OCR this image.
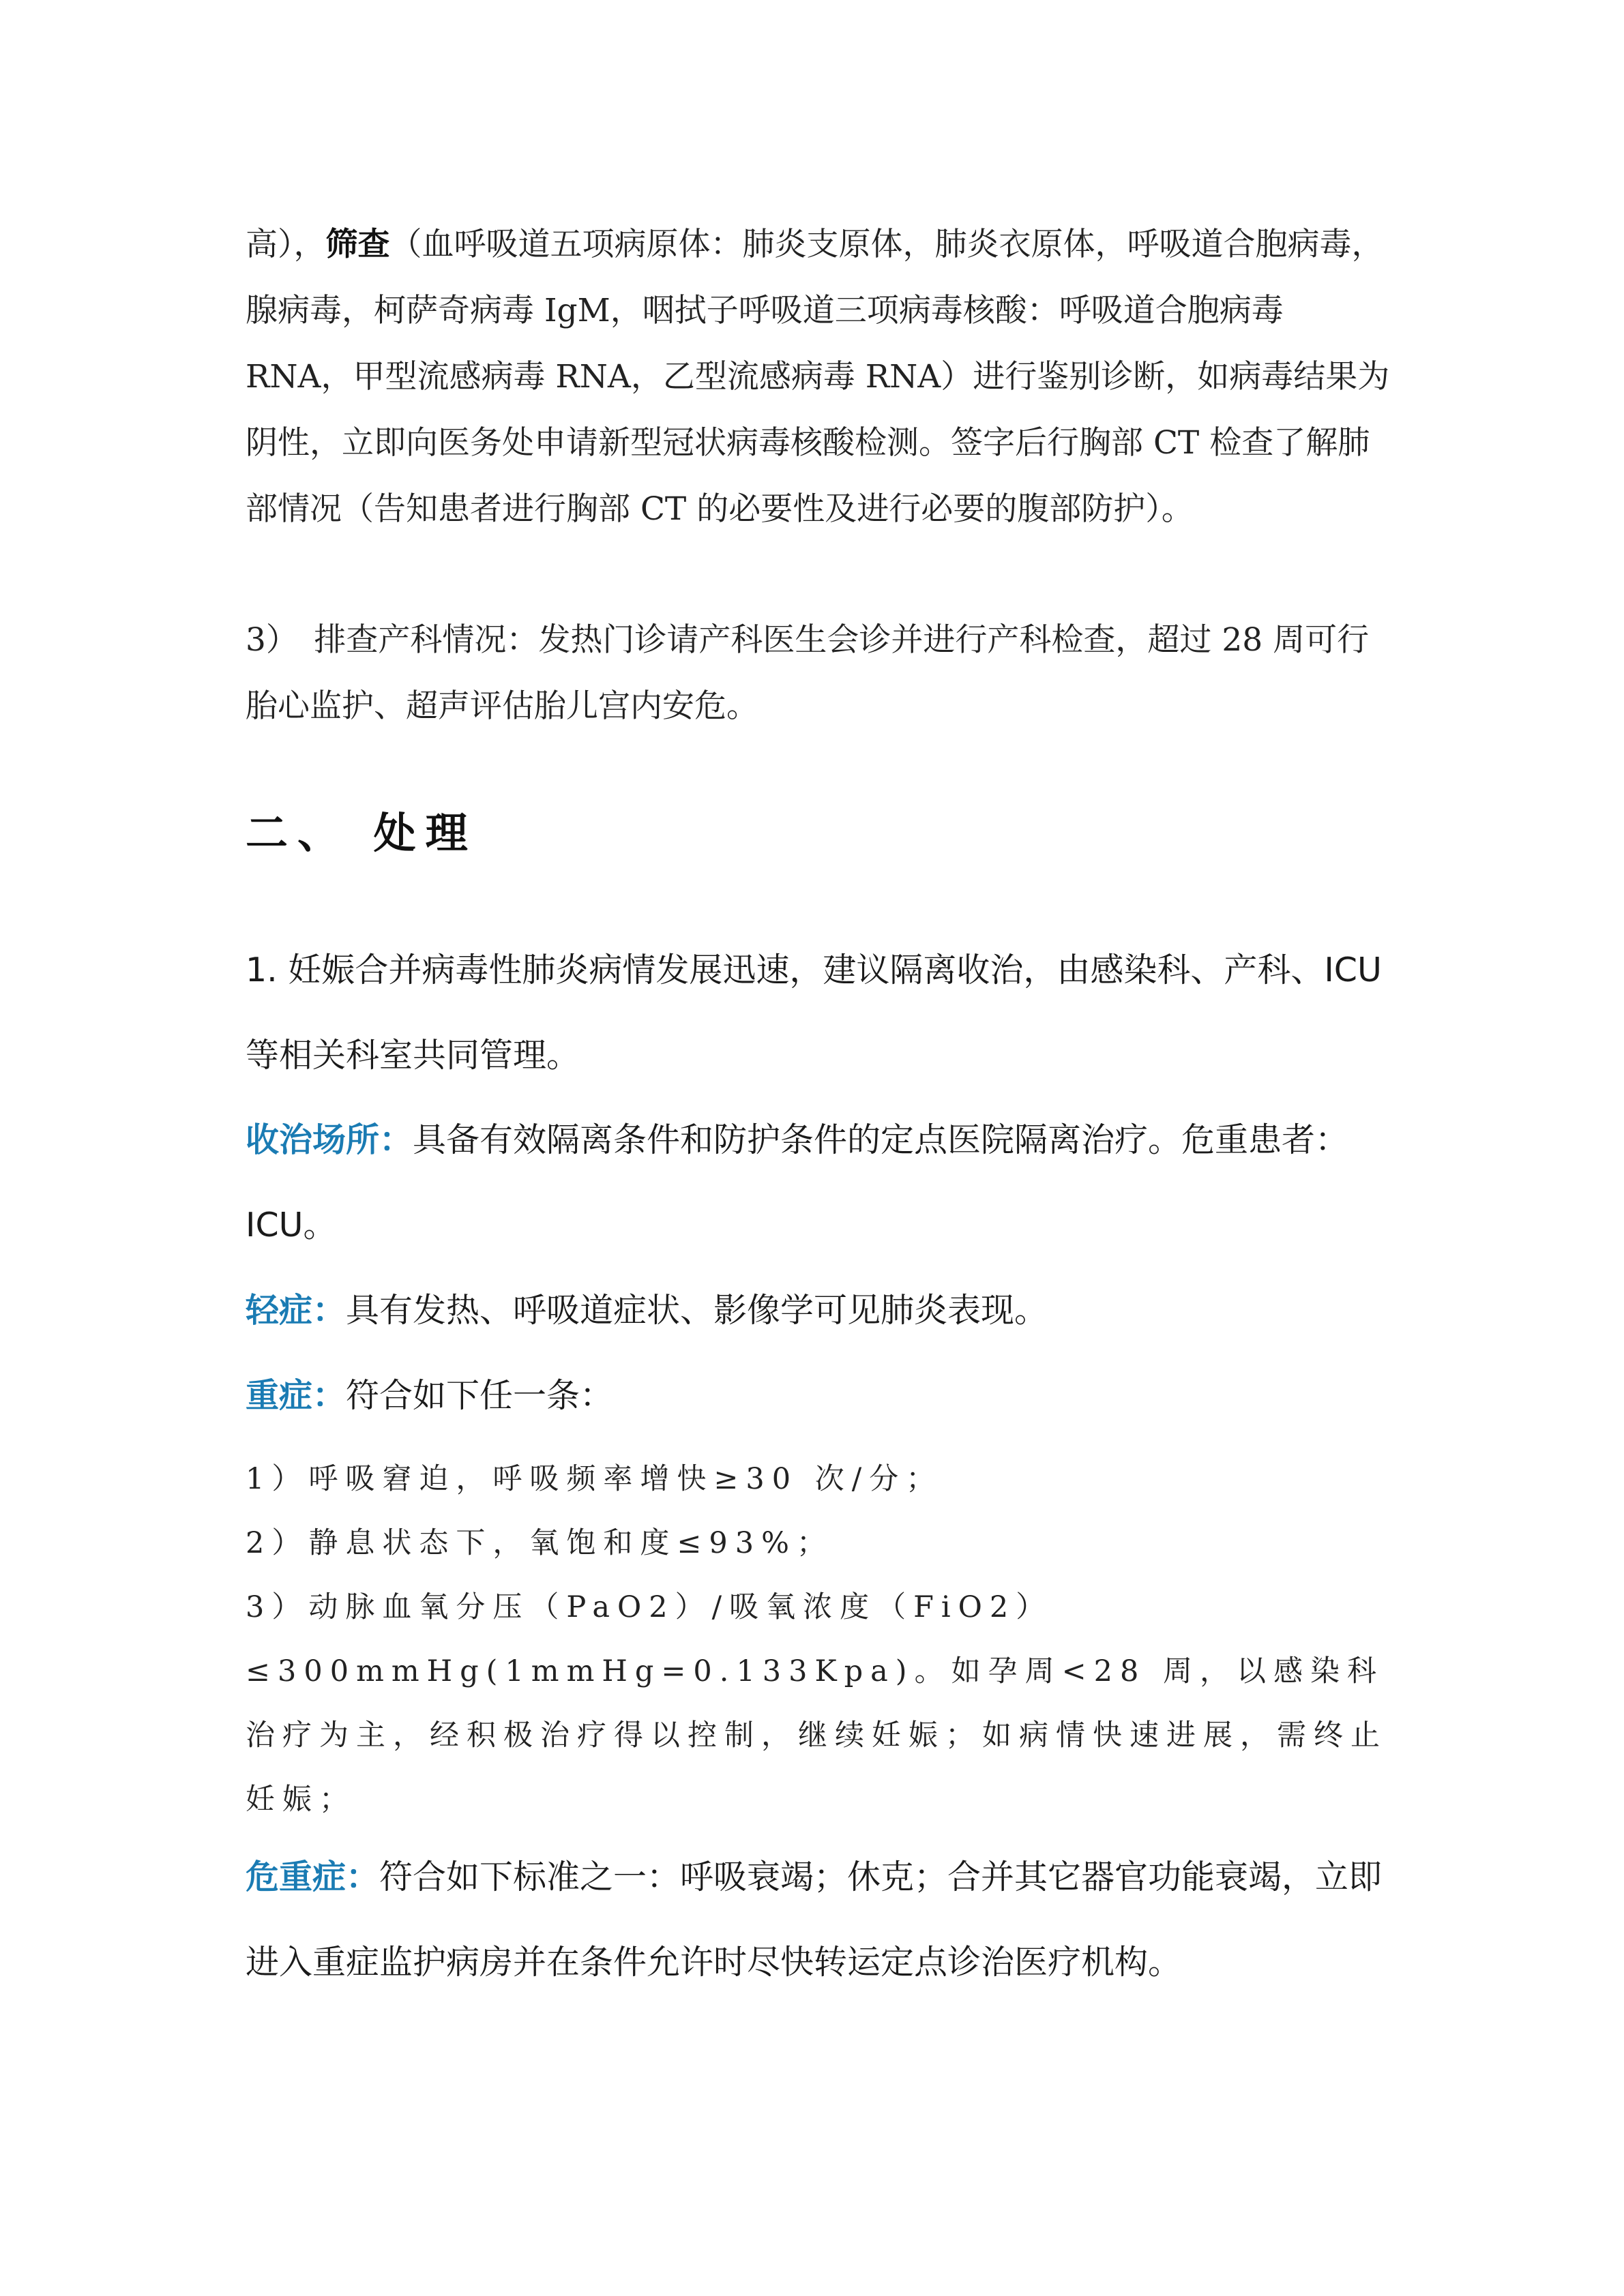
高），筛查（血呼吸道五项病原体：肺炎支原体，肺炎衣原体，呼吸道合胞病毒，腺病毒，柯萨奇病毒 IgM，咽拭子呼吸道三项病毒核酸：呼吸道合胞病毒 RNA，甲型流感病毒 RNA，乙型流感病毒 RNA）进行鉴别诊断，如病毒结果为阴性，立即向医务处申请新型冠状病毒核酸检测。签字后行胸部 CT 检查了解肺部情况（告知患者进行胸部 CT 的必要性及进行必要的腹部防护）。

3）　排查产科情况：发热门诊请产科医生会诊并进行产科检查，超过 28 周可行胎心监护、超声评估胎儿宫内安危。

二、 处理

1. 妊娠合并病毒性肺炎病情发展迅速，建议隔离收治，由感染科、产科、ICU 等相关科室共同管理。

收治场所：具备有效隔离条件和防护条件的定点医院隔离治疗。危重患者：ICU。

轻症：具有发热、呼吸道症状、影像学可见肺炎表现。

重症：符合如下任一条：

1）呼吸窘迫，呼吸频率增快≥30 次/分；

2）静息状态下，氧饱和度≤93%；

3）动脉血氧分压（PaO2）/吸氧浓度（FiO2）≤300mmHg(1mmHg=0.133Kpa)。如孕周<28 周，以感染科治疗为主，经积极治疗得以控制，继续妊娠；如病情快速进展，需终止妊娠；

危重症：符合如下标准之一：呼吸衰竭；休克；合并其它器官功能衰竭，立即进入重症监护病房并在条件允许时尽快转运定点诊治医疗机构。
